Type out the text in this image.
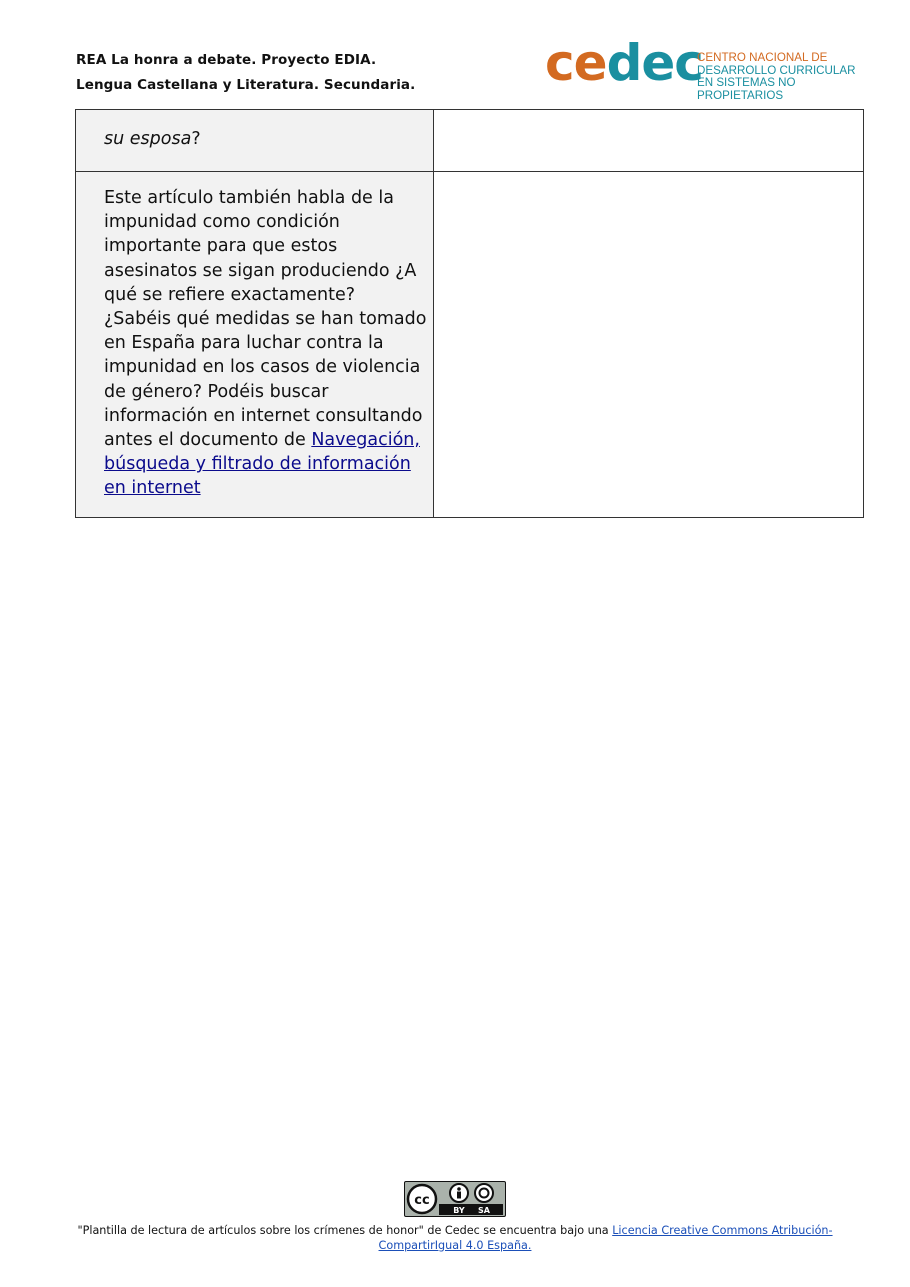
REA La honra a debate. Proyecto EDIA.
Lengua Castellana y Literatura. Secundaria.	cedec
CENTRO NACIONAL DE
DESARROLLO CURRICULAR
EN SISTEMAS NO PROPIETARIOS
su esposa?	
Este artículo también habla de la impunidad como condición importante para que estos asesinatos se sigan produciendo ¿A qué se refiere exactamente? ¿Sabéis qué medidas se han tomado en España para luchar contra la impunidad en los casos de violencia de género? Podéis buscar información en internet consultando antes el documento de Navegación, búsqueda y filtrado de información en internet	
cc
BY SA
"Plantilla de lectura de artículos sobre los crímenes de honor" de Cedec se encuentra bajo una Licencia Creative Commons Atribución-CompartirIgual 4.0 España.
